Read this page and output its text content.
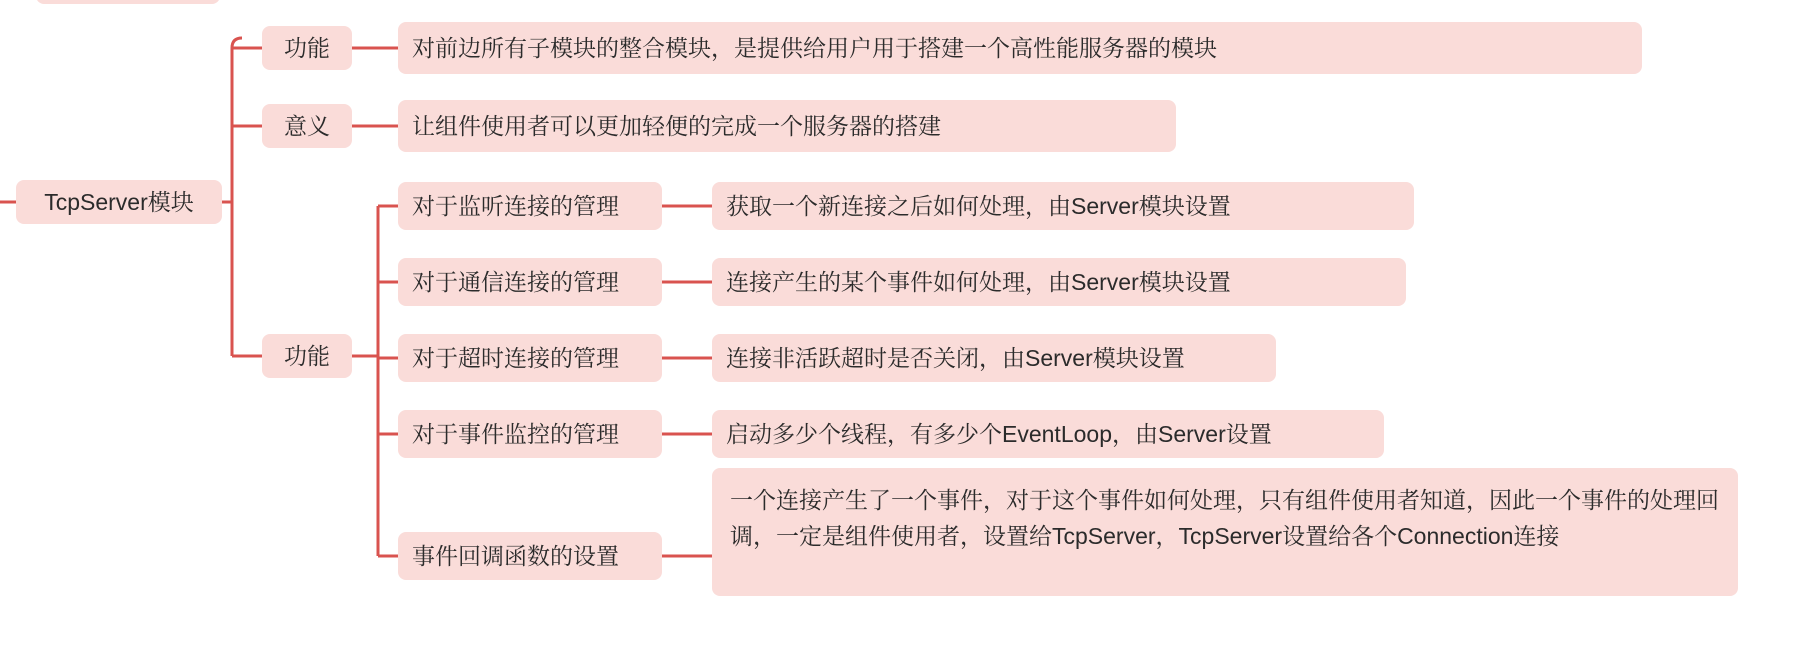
TcpServer模块
功能	对前边所有子模块的整合模块，是提供给用户用于搭建一个高性能服务器的模块
意义	让组件使用者可以更加轻便的完成一个服务器的搭建
功能
对于监听连接的管理	获取一个新连接之后如何处理，由Server模块设置
对于通信连接的管理	连接产生的某个事件如何处理，由Server模块设置
对于超时连接的管理	连接非活跃超时是否关闭，由Server模块设置
对于事件监控的管理	启动多少个线程，有多少个EventLoop，由Server设置
事件回调函数的设置
一个连接产生了一个事件，对于这个事件如何处理，只有组件使用者知道，因此一个事件的处理回调，一定是组件使用者，设置给TcpServer，TcpServer设置给各个Connection连接
